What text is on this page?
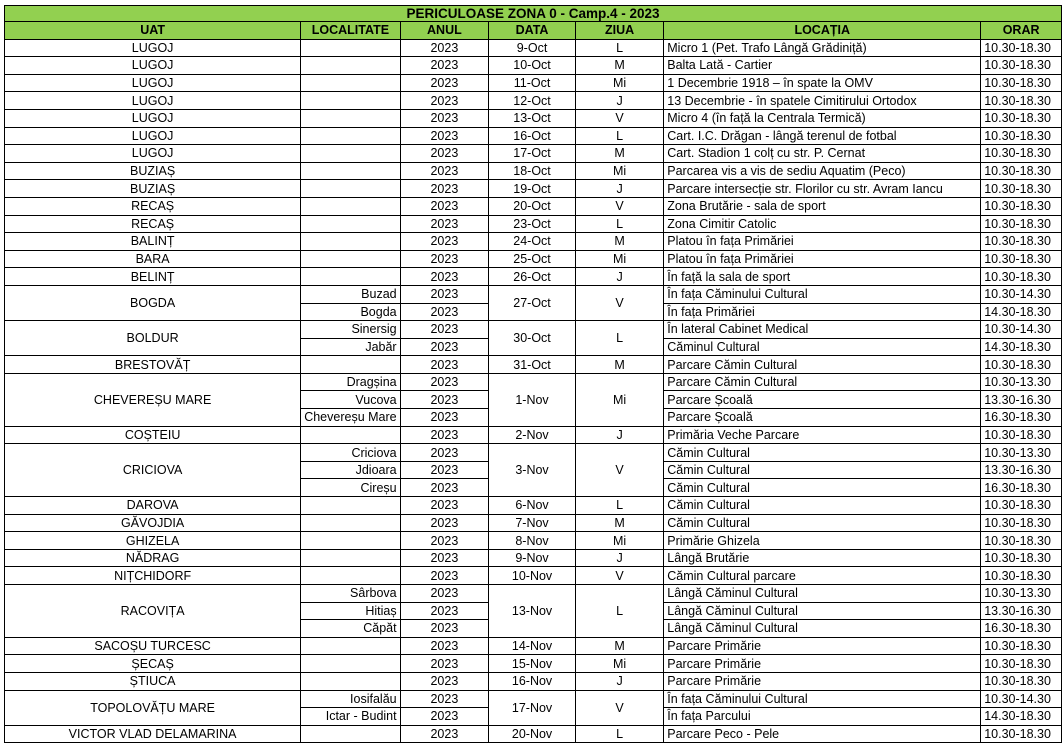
PERICULOASE ZONA 0 - Camp.4 - 2023						
UAT	LOCALITATE	ANUL	DATA	ZIUA	LOCAȚIA	ORAR
LUGOJ		2023	9-Oct	L	Micro 1 (Pet. Trafo Lângă Grădiniță)	10.30-18.30
LUGOJ		2023	10-Oct	M	Balta Lată - Cartier	10.30-18.30
LUGOJ		2023	11-Oct	Mi	1 Decembrie 1918 – în spate la OMV	10.30-18.30
LUGOJ		2023	12-Oct	J	13 Decembrie - în spatele Cimitirului Ortodox	10.30-18.30
LUGOJ		2023	13-Oct	V	Micro 4 (în față la Centrala Termică)	10.30-18.30
LUGOJ		2023	16-Oct	L	Cart. I.C. Drăgan - lângă terenul de fotbal	10.30-18.30
LUGOJ		2023	17-Oct	M	Cart. Stadion 1 colț cu str. P. Cernat	10.30-18.30
BUZIAȘ		2023	18-Oct	Mi	Parcarea vis a vis de sediu Aquatim (Peco)	10.30-18.30
BUZIAȘ		2023	19-Oct	J	Parcare intersecție str. Florilor cu str. Avram Iancu	10.30-18.30
RECAȘ		2023	20-Oct	V	Zona Brutărie - sala de sport	10.30-18.30
RECAȘ		2023	23-Oct	L	Zona Cimitir Catolic	10.30-18.30
BALINȚ		2023	24-Oct	M	Platou în fața Primăriei	10.30-18.30
BARA		2023	25-Oct	Mi	Platou în fața Primăriei	10.30-18.30
BELINȚ		2023	26-Oct	J	În față la sala de sport	10.30-18.30
BOGDA	Buzad	2023	27-Oct	V	În fața Căminului Cultural	10.30-14.30
	Bogda	2023			În fața Primăriei	14.30-18.30
BOLDUR	Sinersig	2023	30-Oct	L	În lateral Cabinet Medical	10.30-14.30
	Jabăr	2023			Căminul Cultural	14.30-18.30
BRESTOVĂȚ		2023	31-Oct	M	Parcare Cămin Cultural	10.30-18.30
CHEVEREȘU MARE	Dragșina	2023	1-Nov	Mi	Parcare Cămin Cultural	10.30-13.30
	Vucova	2023			Parcare Școală	13.30-16.30
	Chevereșu Mare	2023			Parcare Școală	16.30-18.30
COȘTEIU		2023	2-Nov	J	Primăria Veche Parcare	10.30-18.30
CRICIOVA	Criciova	2023	3-Nov	V	Cămin Cultural	10.30-13.30
	Jdioara	2023			Cămin Cultural	13.30-16.30
	Cireșu	2023			Cămin Cultural	16.30-18.30
DAROVA		2023	6-Nov	L	Cămin Cultural	10.30-18.30
GĂVOJDIA		2023	7-Nov	M	Cămin Cultural	10.30-18.30
GHIZELA		2023	8-Nov	Mi	Primărie Ghizela	10.30-18.30
NĂDRAG		2023	9-Nov	J	Lângă Brutărie	10.30-18.30
NIȚCHIDORF		2023	10-Nov	V	Cămin Cultural parcare	10.30-18.30
RACOVIȚA	Sârbova	2023	13-Nov	L	Lângă Căminul Cultural	10.30-13.30
	Hitiaș	2023			Lângă Căminul Cultural	13.30-16.30
	Căpăt	2023			Lângă Căminul Cultural	16.30-18.30
SACOȘU TURCESC		2023	14-Nov	M	Parcare Primărie	10.30-18.30
ȘECAȘ		2023	15-Nov	Mi	Parcare Primărie	10.30-18.30
ȘTIUCA		2023	16-Nov	J	Parcare Primărie	10.30-18.30
TOPOLOVĂȚU MARE	Iosifalău	2023	17-Nov	V	În fața Căminului Cultural	10.30-14.30
	Ictar - Budint	2023			În fața Parcului	14.30-18.30
VICTOR VLAD DELAMARINA		2023	20-Nov	L	Parcare Peco - Pele	10.30-18.30
